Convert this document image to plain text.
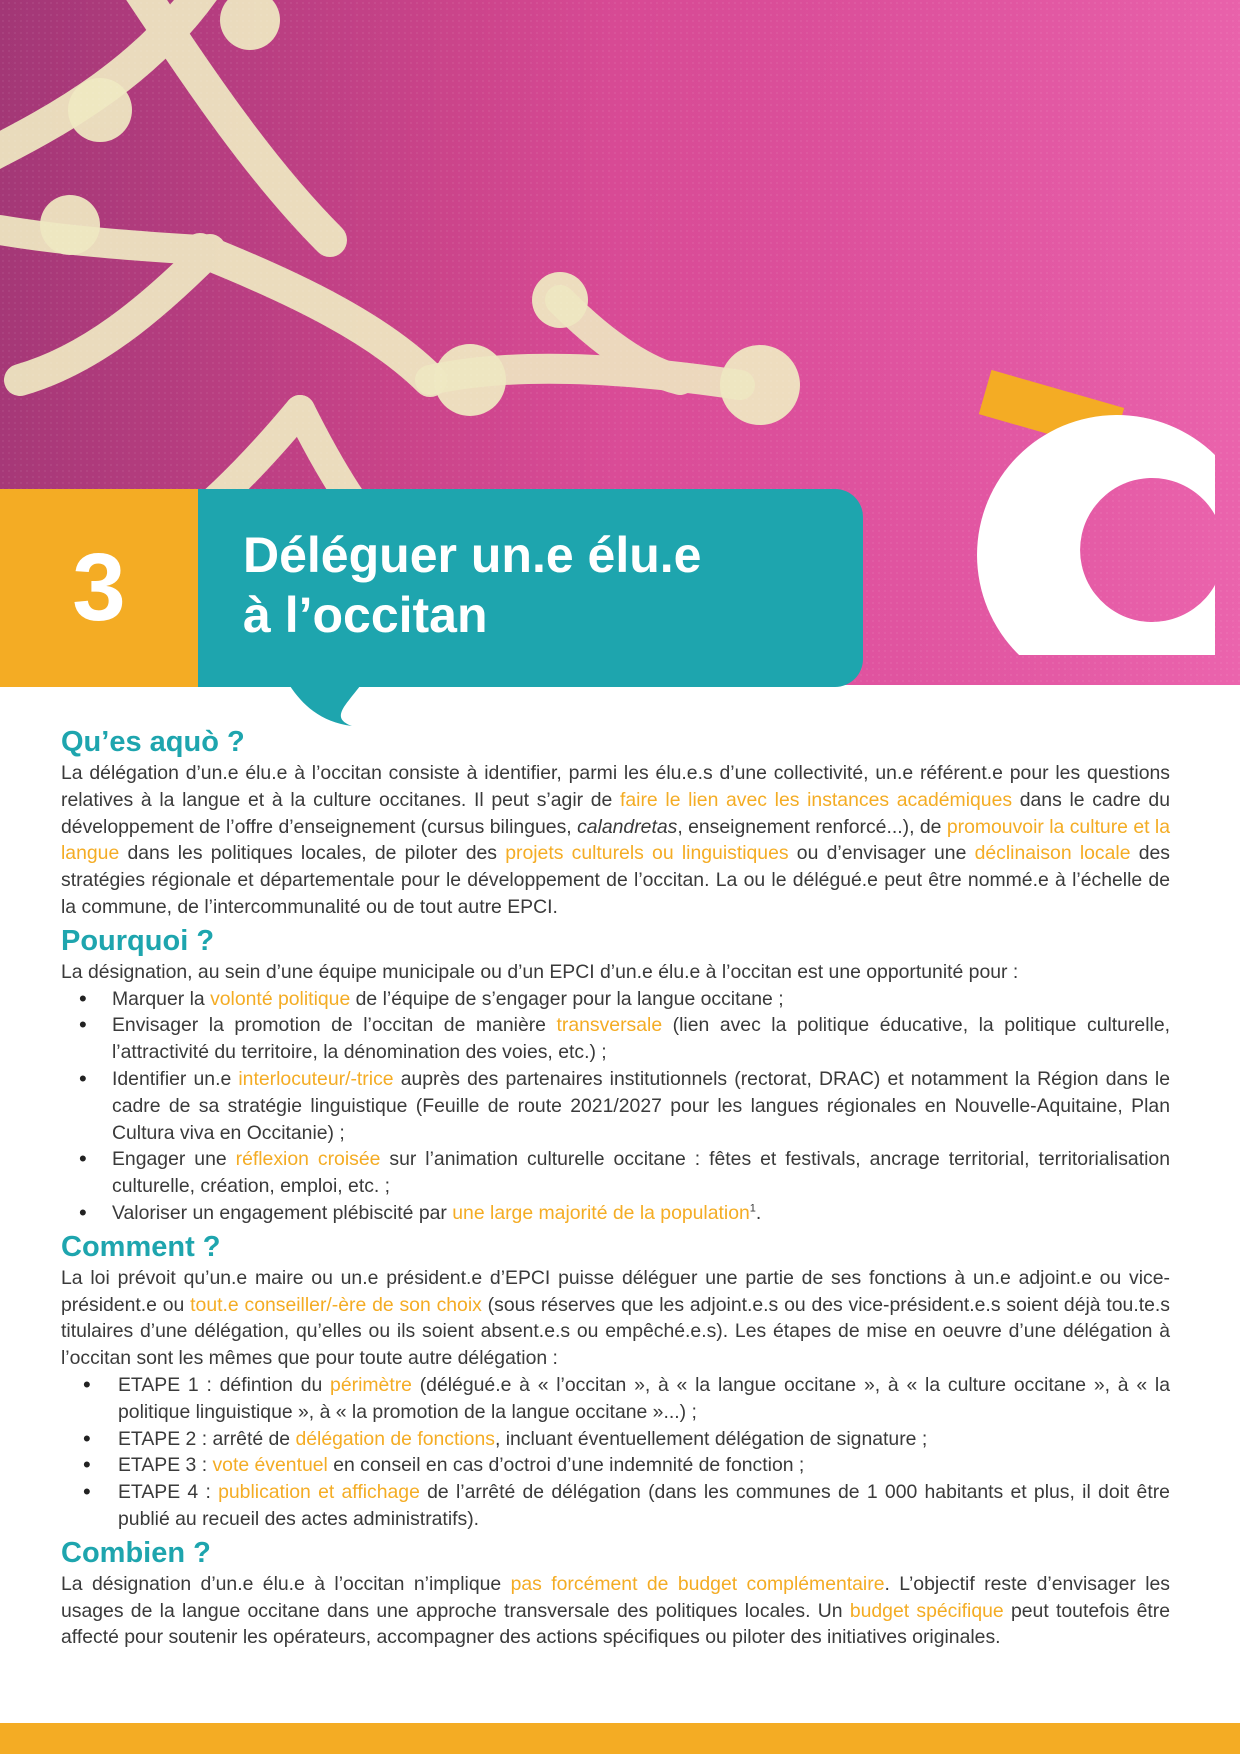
3 Déléguer un.e élu.e
à l’occitan
Qu’es aquò ?

La délégation d’un.e élu.e à l’occitan consiste à identifier, parmi les élu.e.s d’une collectivité, un.e référent.e pour les questions relatives à la langue et à la culture occitanes. Il peut s’agir de faire le lien avec les instances académiques dans le cadre du développement de l’offre d’enseignement (cursus bilingues, calandretas, enseignement renforcé...), de promouvoir la culture et la langue dans les politiques locales, de piloter des projets culturels ou linguistiques ou d’envisager une déclinaison locale des stratégies régionale et départementale pour le développement de l’occitan. La ou le délégué.e peut être nommé.e à l’échelle de la commune, de l’intercommunalité ou de tout autre EPCI.

Pourquoi ?

La désignation, au sein d’une équipe municipale ou d’un EPCI d’un.e élu.e à l’occitan est une opportunité pour :

• Marquer la volonté politique de l’équipe de s’engager pour la langue occitane ;
• Envisager la promotion de l’occitan de manière transversale (lien avec la politique éducative, la politique culturelle, l’attractivité du territoire, la dénomination des voies, etc.) ;
• Identifier un.e interlocuteur/-trice auprès des partenaires institutionnels (rectorat, DRAC) et notamment la Région dans le cadre de sa stratégie linguistique (Feuille de route 2021/2027 pour les langues régionales en Nouvelle-Aquitaine, Plan Cultura viva en Occitanie) ;
• Engager une réflexion croisée sur l’animation culturelle occitane : fêtes et festivals, ancrage territorial, territorialisation culturelle, création, emploi, etc. ;
• Valoriser un engagement plébiscité par une large majorité de la population$^1$.
Comment ?

La loi prévoit qu’un.e maire ou un.e président.e d’EPCI puisse déléguer une partie de ses fonctions à un.e adjoint.e ou vice-président.e ou tout.e conseiller/-ère de son choix (sous réserves que les adjoint.e.s ou des vice-président.e.s soient déjà tou.te.s titulaires d’une délégation, qu’elles ou ils soient absent.e.s ou empêché.e.s). Les étapes de mise en oeuvre d’une délégation à l’occitan sont les mêmes que pour toute autre délégation :

• ETAPE 1 : défintion du périmètre (délégué.e à « l’occitan », à « la langue occitane », à « la culture occitane », à « la politique linguistique », à « la promotion de la langue occitane »...) ;
• ETAPE 2 : arrêté de délégation de fonctions, incluant éventuellement délégation de signature ;
• ETAPE 3 : vote éventuel en conseil en cas d’octroi d’une indemnité de fonction ;
• ETAPE 4 : publication et affichage de l’arrêté de délégation (dans les communes de 1 000 habitants et plus, il doit être publié au recueil des actes administratifs).
Combien ?

La désignation d’un.e élu.e à l’occitan n’implique pas forcément de budget complémentaire. L’objectif reste d’envisager les usages de la langue occitane dans une approche transversale des politiques locales. Un budget spécifique peut toutefois être affecté pour soutenir les opérateurs, accompagner des actions spécifiques ou piloter des initiatives originales.
